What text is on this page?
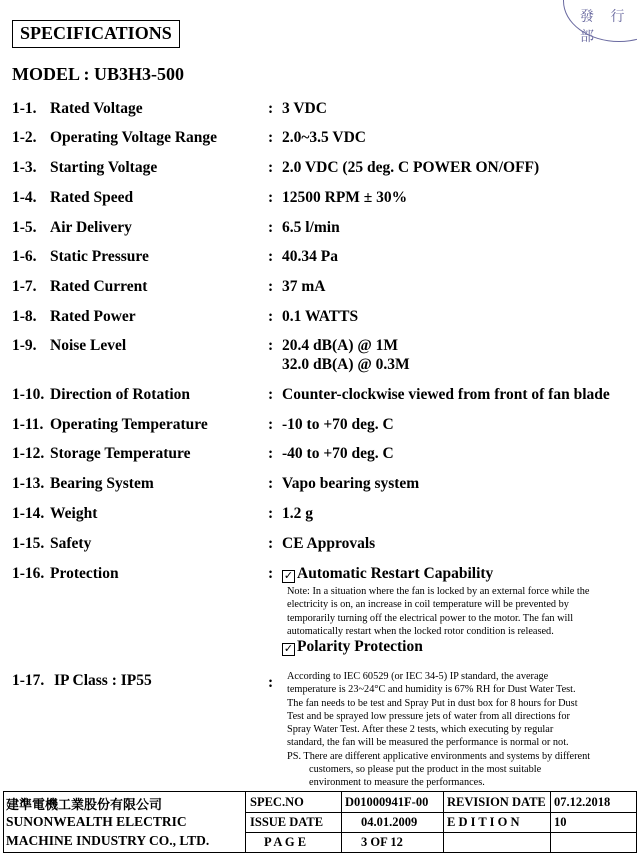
發 行 部
SPECIFICATIONS
MODEL : UB3H3-500
1-1. Rated Voltage	: 3 VDC
1-2. Operating Voltage Range	: 2.0~3.5 VDC
1-3. Starting Voltage	: 2.0 VDC (25 deg. C POWER ON/OFF)
1-4. Rated Speed	: 12500 RPM ± 30%
1-5. Air Delivery	: 6.5 l/min
1-6. Static Pressure	: 40.34 Pa
1-7. Rated Current	: 37 mA
1-8. Rated Power	: 0.1 WATTS
1-9. Noise Level	: 20.4 dB(A) @ 1M
32.0 dB(A) @ 0.3M
1-10. Direction of Rotation	: Counter-clockwise viewed from front of fan blade
1-11. Operating Temperature	: -10 to +70 deg. C
1-12. Storage Temperature	: -40 to +70 deg. C
1-13. Bearing System	: Vapo bearing system
1-14. Weight	: 1.2 g
1-15. Safety	: CE Approvals
1-16. Protection	: ✓ Automatic Restart Capability
Note: In a situation where the fan is locked by an external force while the
electricity is on, an increase in coil temperature will be prevented by
temporarily turning off the electrical power to the motor. The fan will
automatically restart when the locked rotor condition is released.
✓ Polarity Protection
1-17. IP Class : IP55	: According to IEC 60529 (or IEC 34-5) IP standard, the average
temperature is 23~24°C and humidity is 67% RH for Dust Water Test.
The fan needs to be test and Spray Put in dust box for 8 hours for Dust
Test and be sprayed low pressure jets of water from all directions for
Spray Water Test. After these 2 tests, which executing by regular
standard, the fan will be measured the performance is normal or not.
PS. There are different applicative environments and systems by different
customers, so please put the product in the most suitable
environment to measure the performances.
建準電機工業股份有限公司
SUNONWEALTH ELECTRIC
MACHINE INDUSTRY CO., LTD.
SPEC.NO	D01000941F-00 REVISION DATE 07.12.2018
ISSUE DATE	04.01.2009 E D I T I O N	10
P A G E	3 OF 12
